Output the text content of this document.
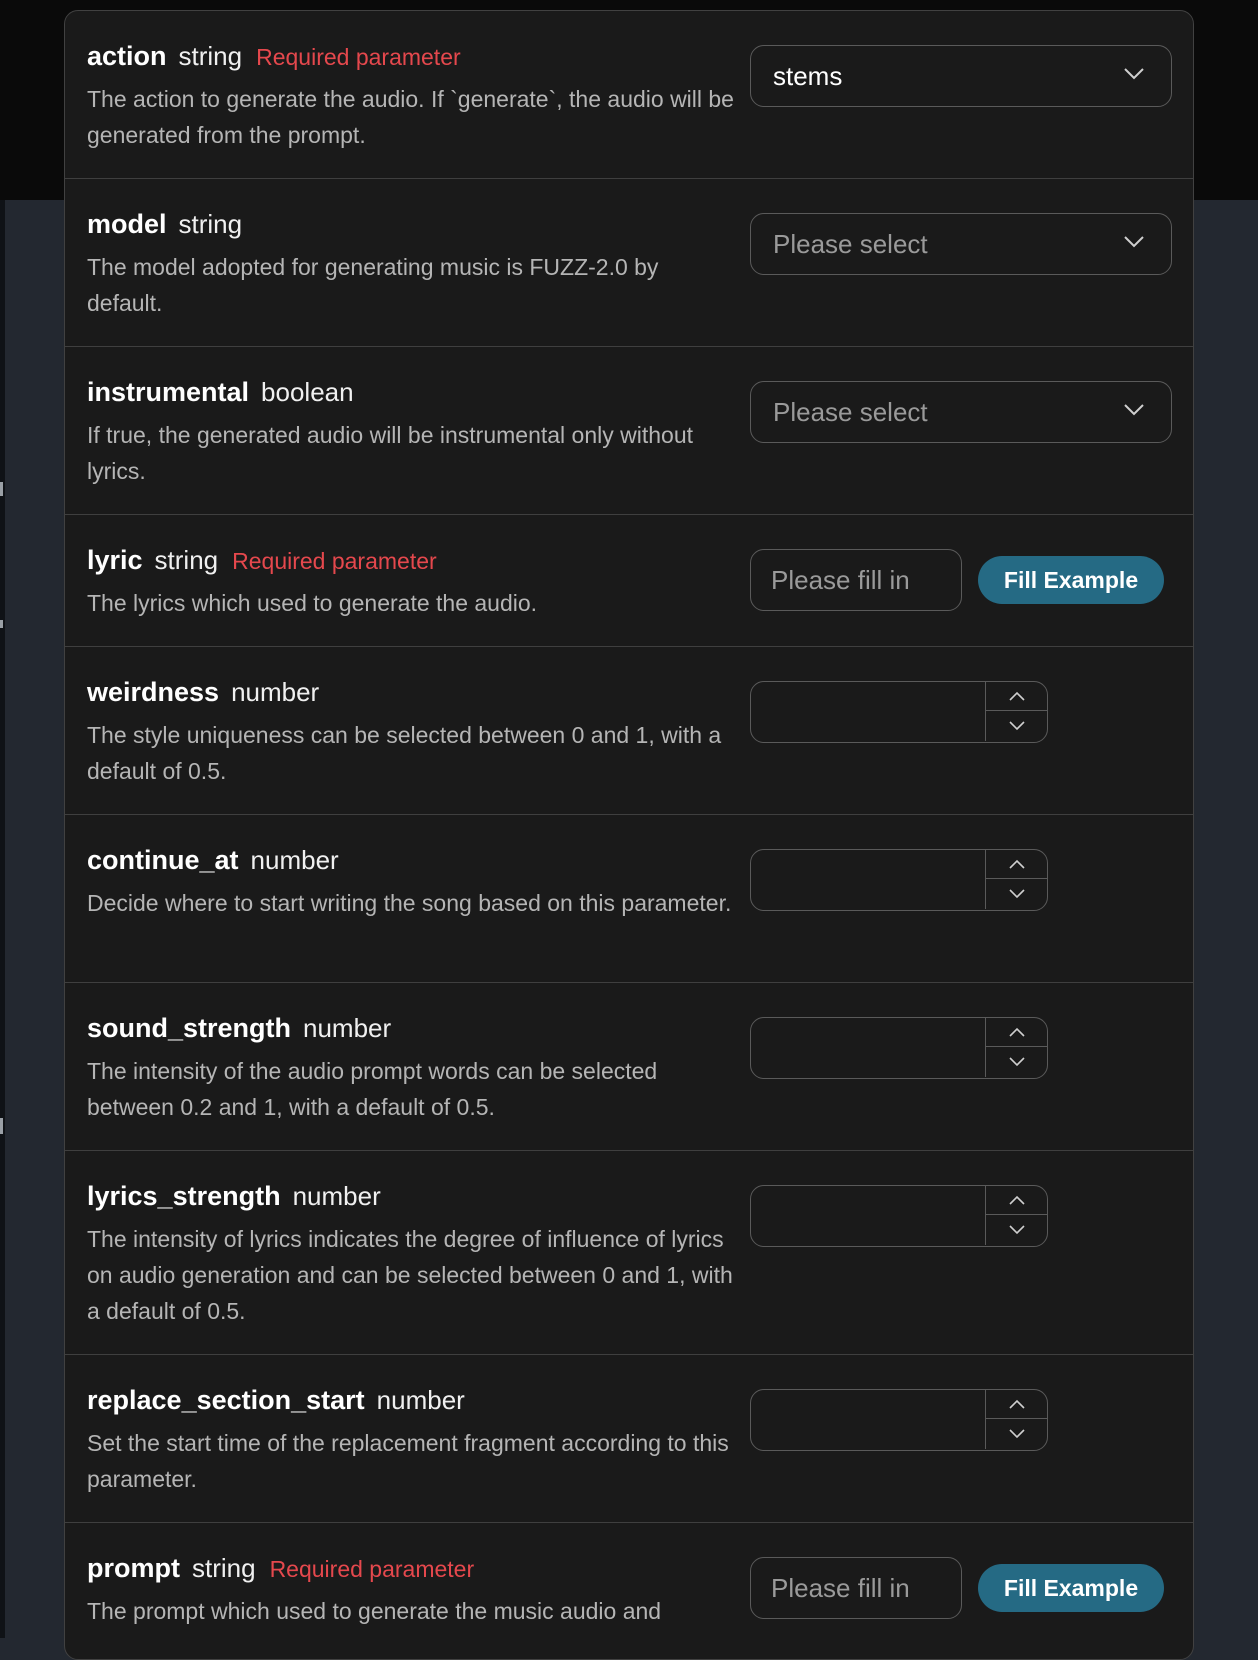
action string Required parameter
The action to generate the audio. If `generate`, the audio will be generated from the prompt.
stems
model string
The model adopted for generating music is FUZZ-2.0 by default.
Please select
instrumental boolean
If true, the generated audio will be instrumental only without lyrics.
Please select
lyric string Required parameter
The lyrics which used to generate the audio.
Please fill in
Fill Example
weirdness number
The style uniqueness can be selected between 0 and 1, with a default of 0.5.
continue_at number
Decide where to start writing the song based on this parameter.
sound_strength number
The intensity of the audio prompt words can be selected between 0.2 and 1, with a default of 0.5.
lyrics_strength number
The intensity of lyrics indicates the degree of influence of lyrics on audio generation and can be selected between 0 and 1, with a default of 0.5.
replace_section_start number
Set the start time of the replacement fragment according to this parameter.
prompt string Required parameter
The prompt which used to generate the music audio and
Please fill in
Fill Example
